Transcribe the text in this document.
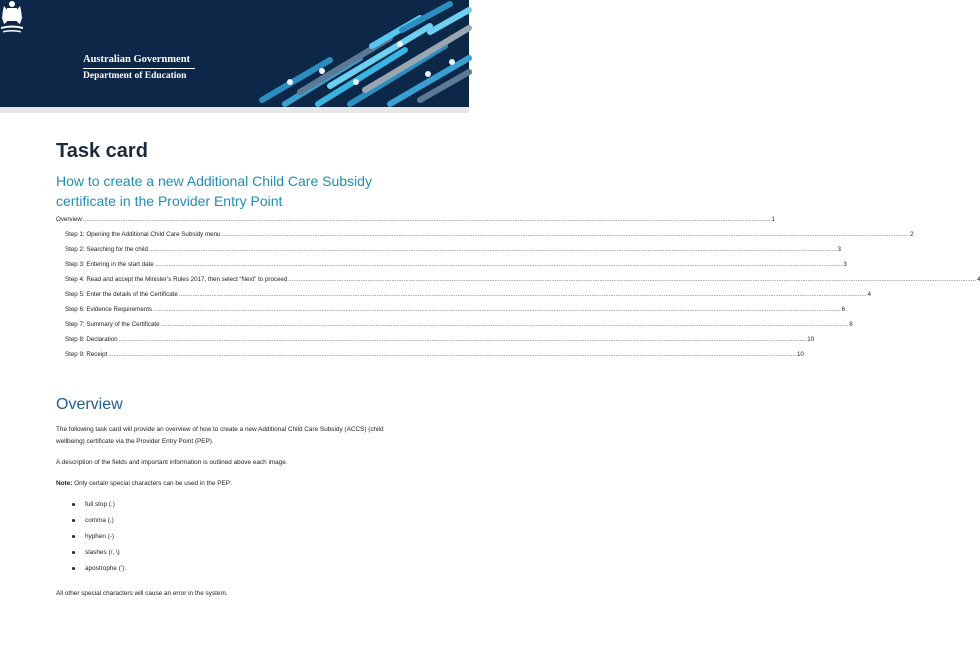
Australian Government
Department of Education
Task card
How to create a new Additional Child Care Subsidy certificate in the Provider Entry Point
Overview ................................................................................................................................................................................................................................................................................................................................................................................................................ 1
Step 1: Opening the Additional Child Care Subsidy menu ................................................................................................................................................................................................................................................................................................................................................................................................................ 2
Step 2: Searching for the child ................................................................................................................................................................................................................................................................................................................................................................................................................ 3
Step 3: Entering in the start date ................................................................................................................................................................................................................................................................................................................................................................................................................ 3
Step 4: Read and accept the Minister’s Rules 2017, then select “Next” to proceed ................................................................................................................................................................................................................................................................................................................................................................................................................ 4
Step 5: Enter the details of the Certificate ................................................................................................................................................................................................................................................................................................................................................................................................................ 4
Step 6: Evidence Requirements ................................................................................................................................................................................................................................................................................................................................................................................................................ 6
Step 7: Summary of the Certificate ................................................................................................................................................................................................................................................................................................................................................................................................................ 8
Step 8: Declaration ................................................................................................................................................................................................................................................................................................................................................................................................................ 10
Step 9: Receipt ................................................................................................................................................................................................................................................................................................................................................................................................................ 10
Overview
The following task card will provide an overview of how to create a new Additional Child Care Subsidy (ACCS) (child wellbeing) certificate via the Provider Entry Point (PEP).
A description of the fields and important information is outlined above each image.
Note: Only certain special characters can be used in the PEP:
full stop (.)
comma (,)
hyphen (-)
slashes (/, \)
apostrophe (’).
All other special characters will cause an error in the system.
